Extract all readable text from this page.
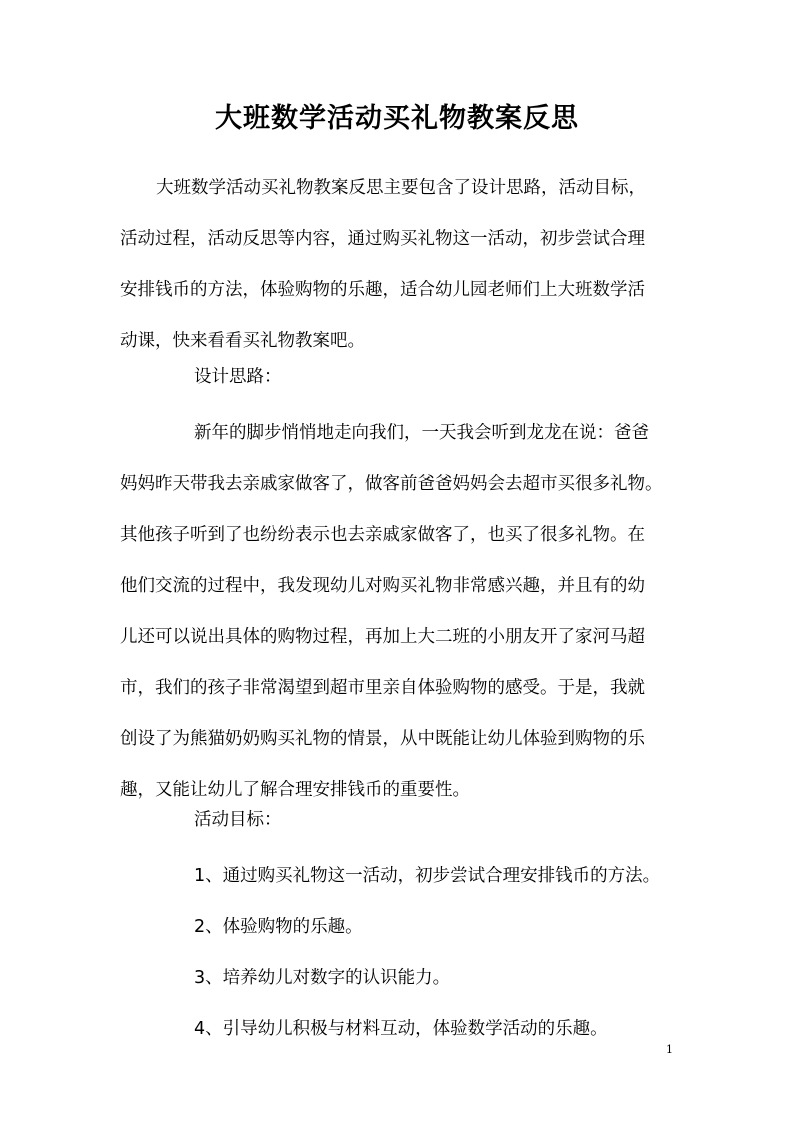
大班数学活动买礼物教案反思
大班数学活动买礼物教案反思主要包含了设计思路，活动目标，
活动过程，活动反思等内容，通过购买礼物这一活动，初步尝试合理
安排钱币的方法，体验购物的乐趣，适合幼儿园老师们上大班数学活
动课，快来看看买礼物教案吧。
设计思路：
新年的脚步悄悄地走向我们，一天我会听到龙龙在说：爸爸
妈妈昨天带我去亲戚家做客了，做客前爸爸妈妈会去超市买很多礼物。
其他孩子听到了也纷纷表示也去亲戚家做客了，也买了很多礼物。在
他们交流的过程中，我发现幼儿对购买礼物非常感兴趣，并且有的幼
儿还可以说出具体的购物过程，再加上大二班的小朋友开了家河马超
市，我们的孩子非常渴望到超市里亲自体验购物的感受。于是，我就
创设了为熊猫奶奶购买礼物的情景，从中既能让幼儿体验到购物的乐
趣，又能让幼儿了解合理安排钱币的重要性。
活动目标：
1、通过购买礼物这一活动，初步尝试合理安排钱币的方法。
2、体验购物的乐趣。
3、培养幼儿对数字的认识能力。
4、引导幼儿积极与材料互动，体验数学活动的乐趣。
1
